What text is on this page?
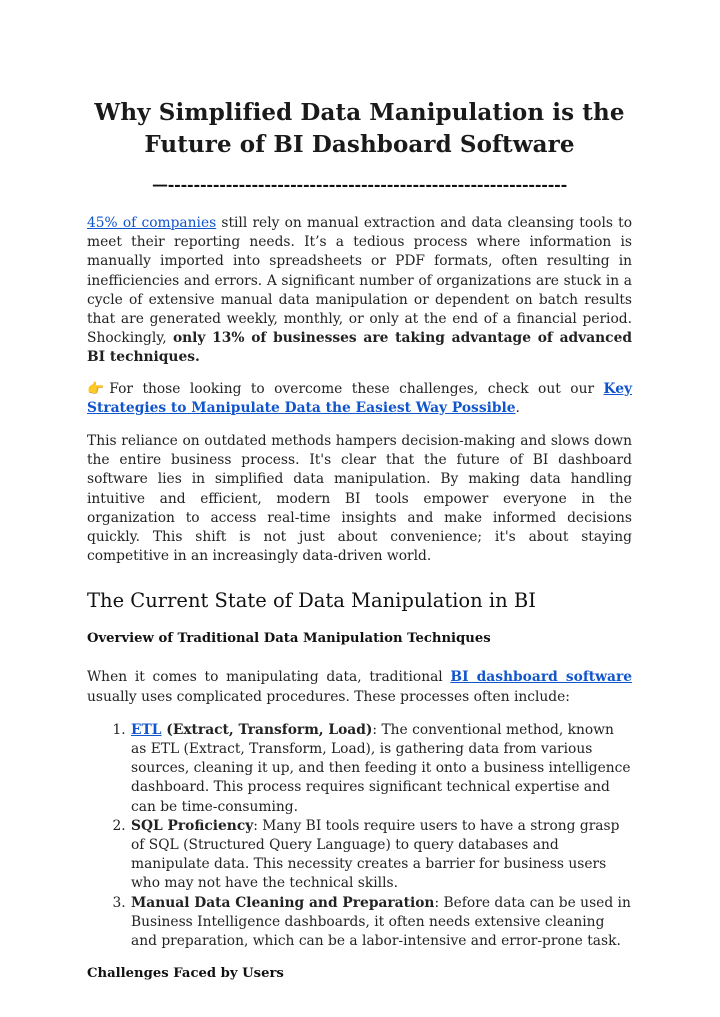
Why Simplified Data Manipulation is the Future of BI Dashboard Software
—--------------------------------------------------------------

45% of companies still rely on manual extraction and data cleansing tools to meet their reporting needs. It’s a tedious process where information is manually imported into spreadsheets or PDF formats, often resulting in inefficiencies and errors. A significant number of organizations are stuck in a cycle of extensive manual data manipulation or dependent on batch results that are generated weekly, monthly, or only at the end of a financial period. Shockingly, only 13% of businesses are taking advantage of advanced BI techniques.

👉For those looking to overcome these challenges, check out our Key Strategies to Manipulate Data the Easiest Way Possible.

This reliance on outdated methods hampers decision-making and slows down the entire business process. It's clear that the future of BI dashboard software lies in simplified data manipulation. By making data handling intuitive and efficient, modern BI tools empower everyone in the organization to access real-time insights and make informed decisions quickly. This shift is not just about convenience; it's about staying competitive in an increasingly data-driven world.

The Current State of Data Manipulation in BI
Overview of Traditional Data Manipulation Techniques

When it comes to manipulating data, traditional BI dashboard software usually uses complicated procedures. These processes often include:

1. ETL (Extract, Transform, Load): The conventional method, known as ETL (Extract, Transform, Load), is gathering data from various sources, cleaning it up, and then feeding it onto a business intelligence dashboard. This process requires significant technical expertise and can be time-consuming.
2. SQL Proficiency: Many BI tools require users to have a strong grasp of SQL (Structured Query Language) to query databases and manipulate data. This necessity creates a barrier for business users who may not have the technical skills.
3. Manual Data Cleaning and Preparation: Before data can be used in Business Intelligence dashboards, it often needs extensive cleaning and preparation, which can be a labor-intensive and error-prone task.
Challenges Faced by Users
